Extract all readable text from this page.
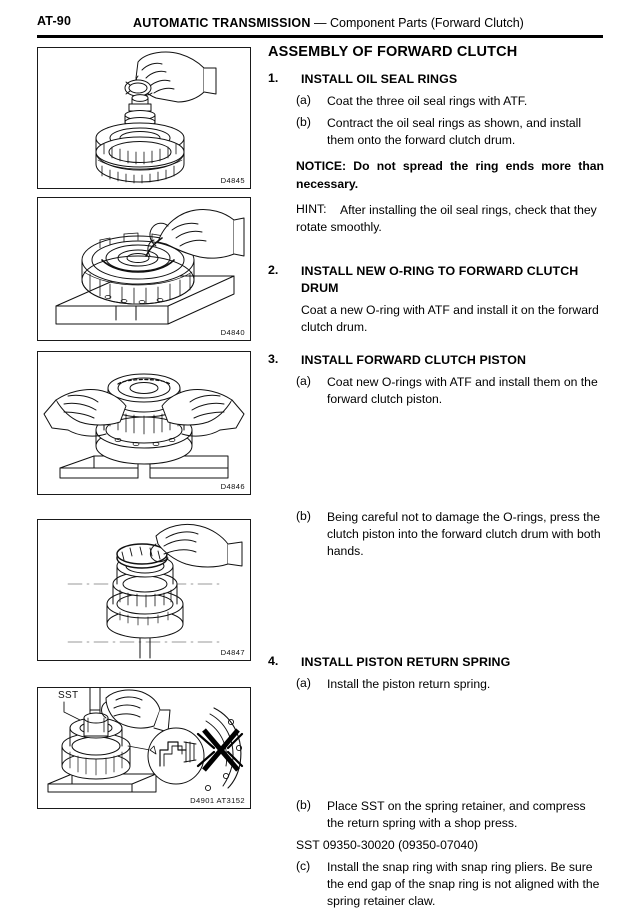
AT-90	AUTOMATIC TRANSMISSION — Component Parts (Forward Clutch)
D4845
D4840
D4846
D4847
SST
D4901 AT3152
ASSEMBLY OF FORWARD CLUTCH
1. INSTALL OIL SEAL RINGS
(a) Coat the three oil seal rings with ATF.
(b) Contract the oil seal rings as shown, and install them onto the forward clutch drum.
NOTICE: Do not spread the ring ends more than necessary.
HINT:	After installing the oil seal rings, check that they rotate smoothly.
2. INSTALL NEW O-RING TO FORWARD CLUTCH DRUM
Coat a new O-ring with ATF and install it on the forward clutch drum.
3. INSTALL FORWARD CLUTCH PISTON
(a) Coat new O-rings with ATF and install them on the forward clutch piston.
(b) Being careful not to damage the O-rings, press the clutch piston into the forward clutch drum with both hands.
4. INSTALL PISTON RETURN SPRING
(a) Install the piston return spring.
(b) Place SST on the spring retainer, and compress the return spring with a shop press.
SST 09350-30020 (09350-07040)
(c) Install the snap ring with snap ring pliers. Be sure the end gap of the snap ring is not aligned with the spring retainer claw.
